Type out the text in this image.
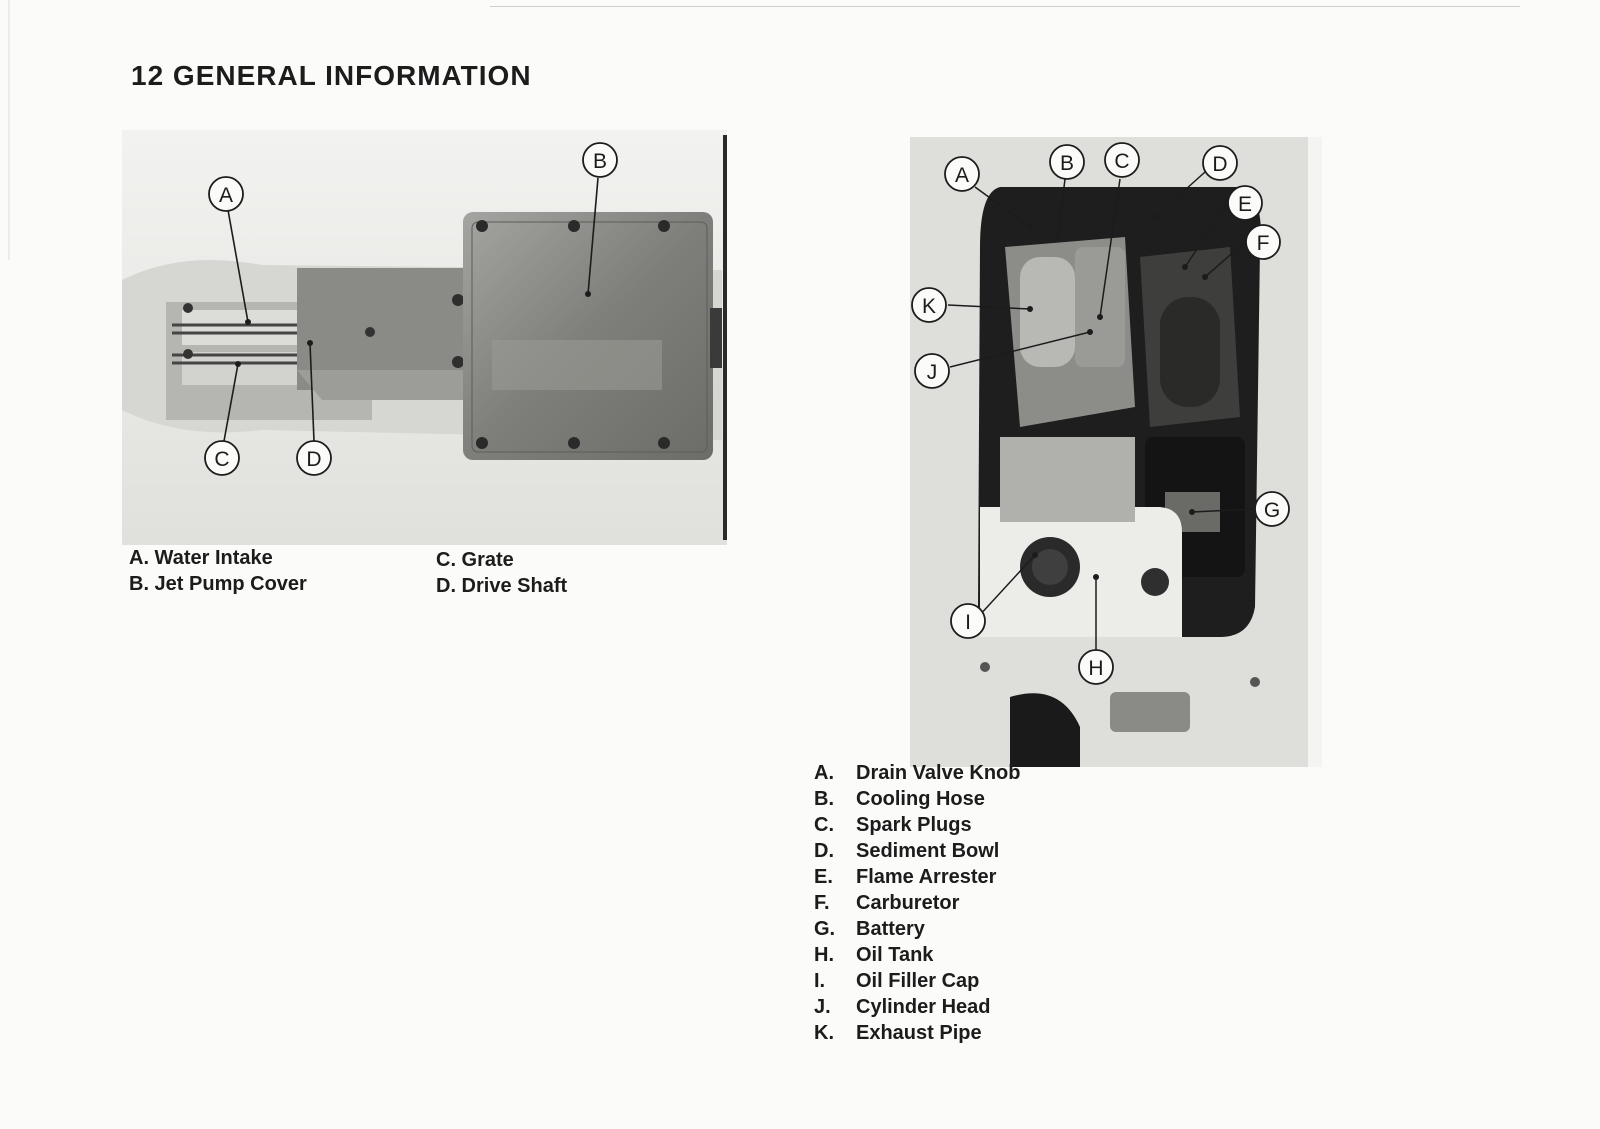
12 GENERAL INFORMATION
A
B
C	D
A. Water Intake
B. Jet Pump Cover
C. Grate
D. Drive Shaft
A
B C	D
E
F
G
H
I
J
K
A.	Drain Valve Knob
B.	Cooling Hose
C.	Spark Plugs
D.	Sediment Bowl
E.	Flame Arrester
F.	Carburetor
G.	Battery
H.	Oil Tank
I.	Oil Filler Cap
J.	Cylinder Head
K.	Exhaust Pipe
